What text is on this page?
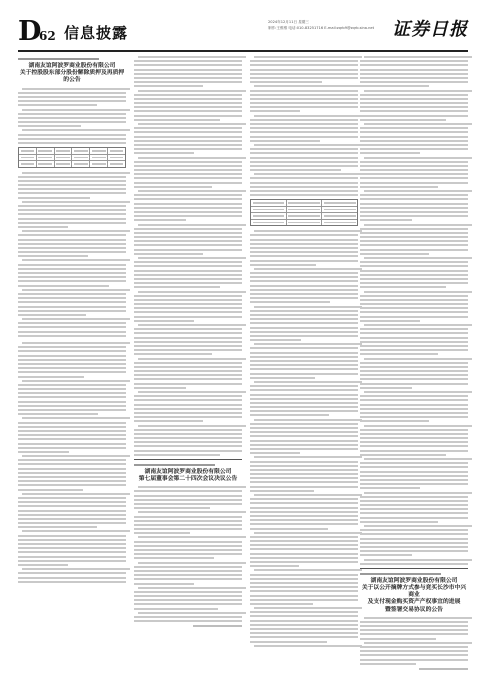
D
62 信息披露
2024年12月11日 星期三
制作:王维维 电话:010-83251716 E-mail:zqrb9@zqrb.sina.net 证券日报
湖南友谊阿波罗商业股份有限公司
关于控股股东部分股份解除质押及再质押的公告
湖南友谊阿波罗商业股份有限公司
第七届董事会第二十四次会议决议公告
湖南友谊阿波罗商业股份有限公司
关于以公开摘牌方式参与竞买长沙市中兴商业
及支付现金购买资产产权事宜的进展
暨签署交易协议的公告
